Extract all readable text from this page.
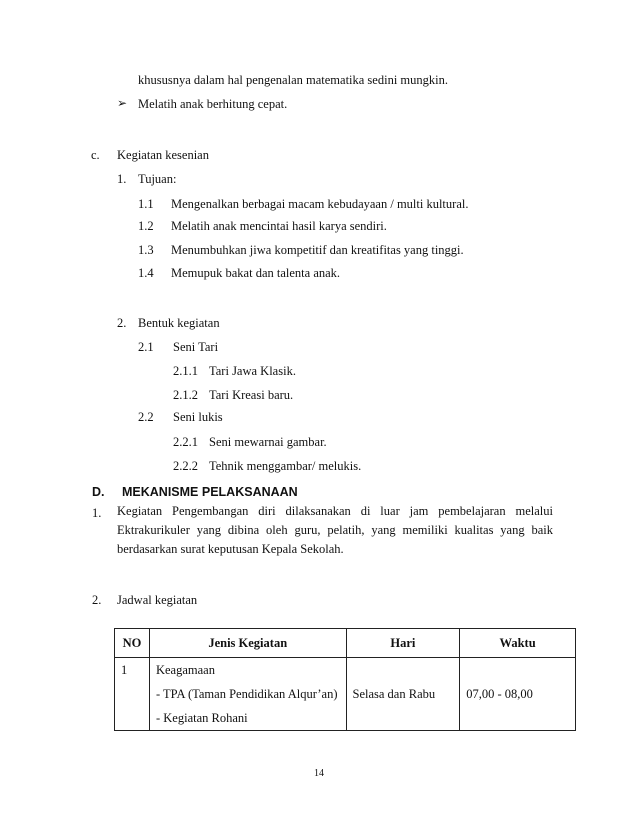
khususnya dalam hal pengenalan matematika sedini mungkin.
➢ Melatih anak berhitung cepat.
c. Kegiatan kesenian
1. Tujuan:
1.1 Mengenalkan berbagai macam kebudayaan / multi kultural.
1.2 Melatih anak mencintai hasil karya sendiri.
1.3 Menumbuhkan jiwa kompetitif dan kreatifitas yang tinggi.
1.4 Memupuk bakat dan talenta anak.
2. Bentuk kegiatan
2.1 Seni Tari
2.1.1 Tari Jawa Klasik.
2.1.2 Tari Kreasi baru.
2.2 Seni lukis
2.2.1 Seni mewarnai gambar.
2.2.2 Tehnik menggambar/ melukis.
D. MEKANISME PELAKSANAAN
1. Kegiatan Pengembangan diri dilaksanakan di luar jam pembelajaran melalui Ektrakurikuler yang dibina oleh guru, pelatih, yang memiliki kualitas yang baik berdasarkan surat keputusan Kepala Sekolah.
2. Jadwal kegiatan
NO	Jenis Kegiatan	Hari	Waktu

1	Keagamaan
- TPA (Taman Pendidikan Alqur’an)
- Kegiatan Rohani	Selasa dan Rabu	07,00 - 08,00
14
